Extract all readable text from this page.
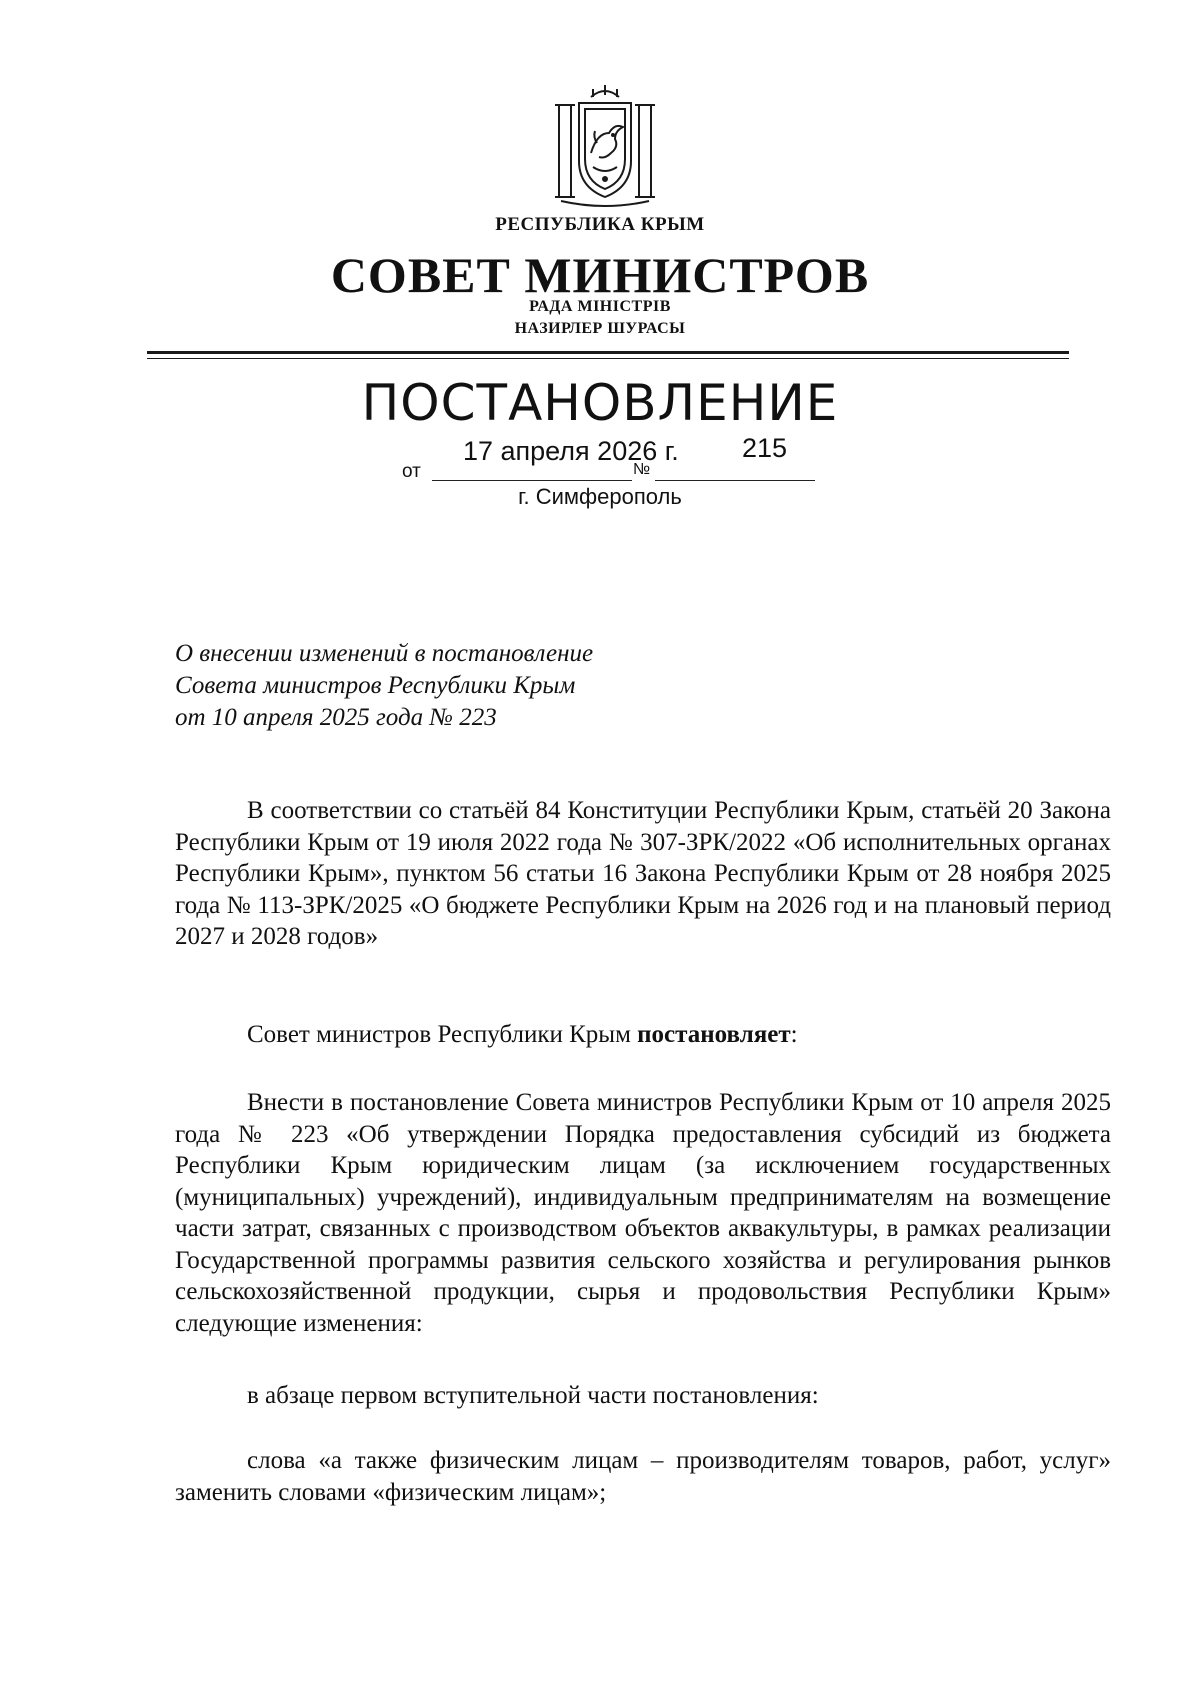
РЕСПУБЛИКА КРЫМ
СОВЕТ МИНИСТРОВ
РАДА МІНІСТРІВ
НАЗИРЛЕР ШУРАСЫ
ПОСТАНОВЛЕНИЕ
от
17 апреля 2026 г.
№
215
г. Симферополь
О внесении изменений в постановление
Совета министров Республики Крым
от 10 апреля 2025 года № 223

В соответствии со статьёй 84 Конституции Республики Крым, статьёй 20 Закона Республики Крым от 19 июля 2022 года № 307-ЗРК/2022 «Об исполнительных органах Республики Крым», пунктом 56 статьи 16 Закона Республики Крым от 28 ноября 2025 года № 113-ЗРК/2025 «О бюджете Республики Крым на 2026 год и на плановый период 2027 и 2028 годов»

Совет министров Республики Крым постановляет:

Внести в постановление Совета министров Республики Крым от 10 апреля 2025 года № 223 «Об утверждении Порядка предоставления субсидий из бюджета Республики Крым юридическим лицам (за исключением государственных (муниципальных) учреждений), индивидуальным предпринимателям на возмещение части затрат, связанных с производством объектов аквакультуры, в рамках реализации Государственной программы развития сельского хозяйства и регулирования рынков сельскохозяйственной продукции, сырья и продовольствия Республики Крым» следующие изменения:

в абзаце первом вступительной части постановления:

слова «а также физическим лицам – производителям товаров, работ, услуг» заменить словами «физическим лицам»;
